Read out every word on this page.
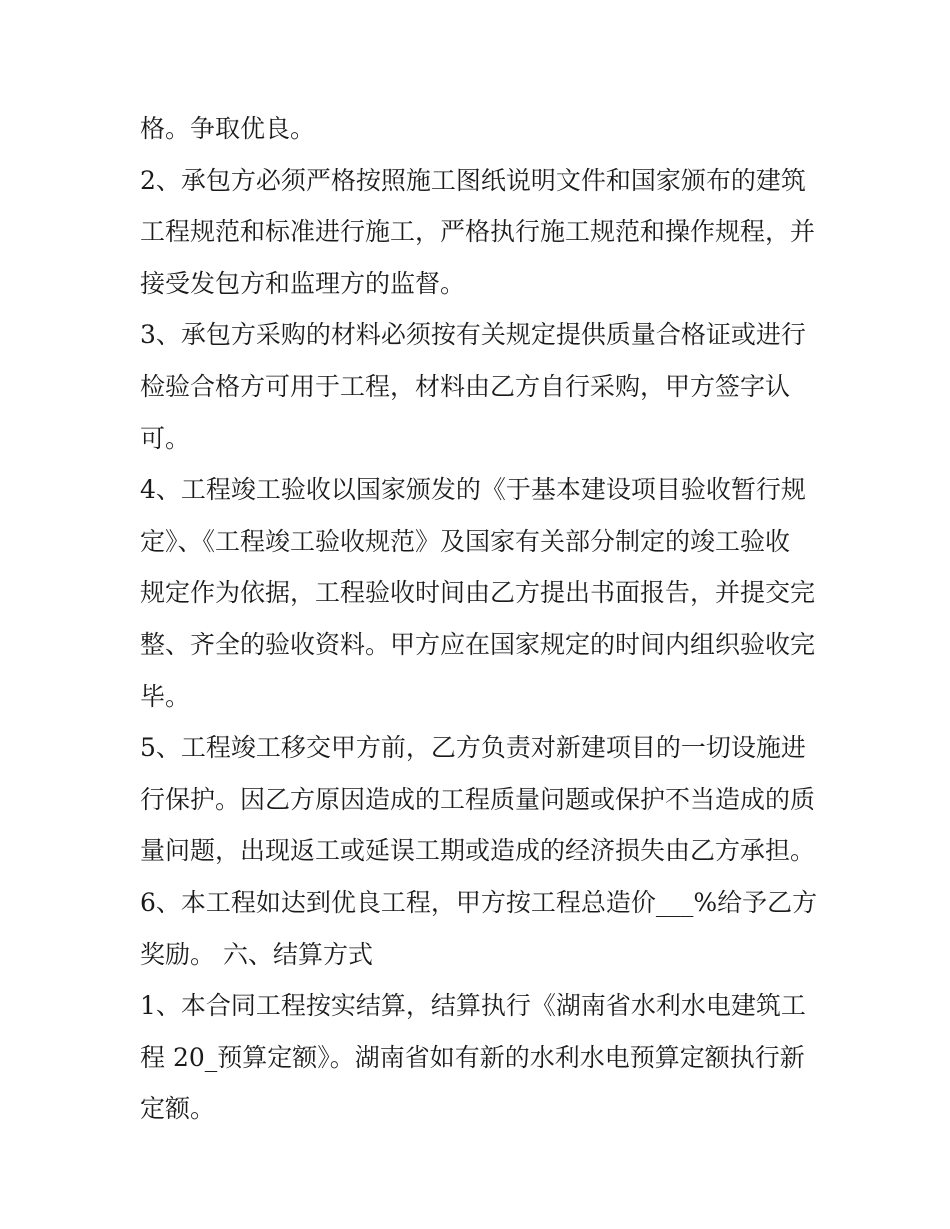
格。争取优良。
2、承包方必须严格按照施工图纸说明文件和国家颁布的建筑
工程规范和标准进行施工，严格执行施工规范和操作规程，并
接受发包方和监理方的监督。
3、承包方采购的材料必须按有关规定提供质量合格证或进行
检验合格方可用于工程，材料由乙方自行采购，甲方签字认
可。
4、工程竣工验收以国家颁发的《于基本建设项目验收暂行规
定》、《工程竣工验收规范》及国家有关部分制定的竣工验收
规定作为依据，工程验收时间由乙方提出书面报告，并提交完
整、齐全的验收资料。甲方应在国家规定的时间内组织验收完
毕。
5、工程竣工移交甲方前，乙方负责对新建项目的一切设施进
行保护。因乙方原因造成的工程质量问题或保护不当造成的质
量问题，出现返工或延误工期或造成的经济损失由乙方承担。
6、本工程如达到优良工程，甲方按工程总造价___%给予乙方
奖励。 六、结算方式
1、本合同工程按实结算，结算执行《湖南省水利水电建筑工
程 20_预算定额》。湖南省如有新的水利水电预算定额执行新
定额。
